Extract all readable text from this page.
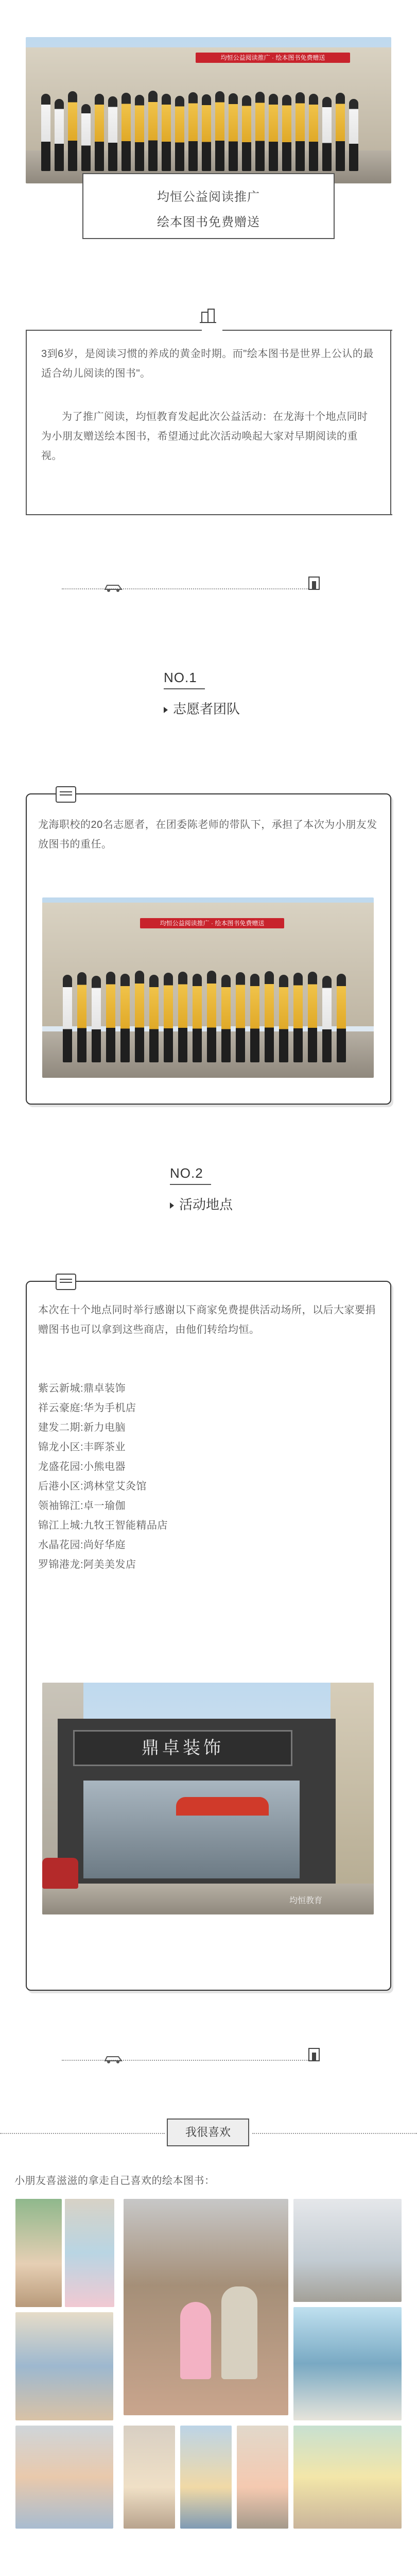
均恒公益阅读推广 · 绘本图书免费赠送
均恒公益阅读推广
绘本图书免费赠送
3到6岁，是阅读习惯的养成的黄金时期。而"绘本图书是世界上公认的最适合幼儿阅读的图书"。
为了推广阅读，均恒教育发起此次公益活动：在龙海十个地点同时为小朋友赠送绘本图书，希望通过此次活动唤起大家对早期阅读的重视。
NO.1
志愿者团队
龙海职校的20名志愿者，在团委陈老师的带队下，承担了本次为小朋友发放图书的重任。
均恒公益阅读推广 · 绘本图书免费赠送
NO.2
活动地点
本次在十个地点同时举行感谢以下商家免费提供活动场所，以后大家要捐赠图书也可以拿到这些商店，由他们转给均恒。
紫云新城:鼎卓装饰
祥云豪庭:华为手机店
建发二期:新力电脑
锦龙小区:丰晖茶业
龙盛花园:小熊电器
后港小区:鸿林堂艾灸馆
领袖锦江:卓一瑜伽
锦江上城:九牧王智能精品店
水晶花园:尚好华庭
罗锦港龙:阿美美发店
鼎卓装饰
均恒教育
我很喜欢
小朋友喜滋滋的拿走自己喜欢的绘本图书：
